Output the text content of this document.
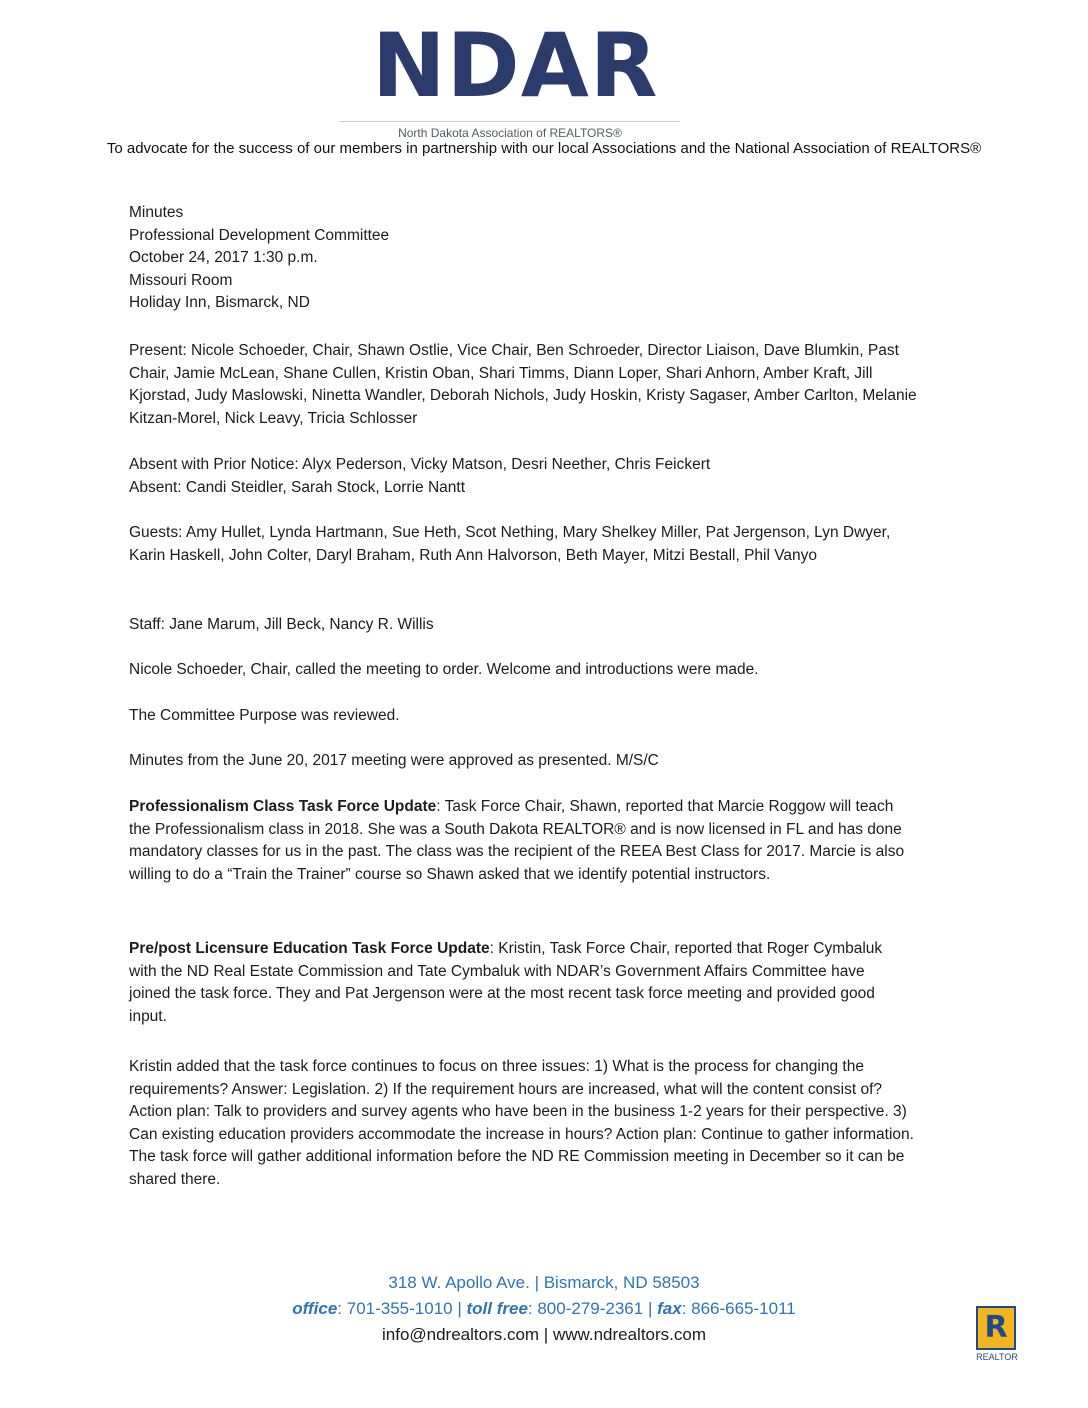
NDAR
North Dakota Association of REALTORS®
To advocate for the success of our members in partnership with our local Associations and the National Association of REALTORS®
Minutes
Professional Development Committee
October 24, 2017 1:30 p.m.
Missouri Room
Holiday Inn, Bismarck, ND

Present: Nicole Schoeder, Chair, Shawn Ostlie, Vice Chair, Ben Schroeder, Director Liaison, Dave Blumkin, Past Chair, Jamie McLean, Shane Cullen, Kristin Oban, Shari Timms, Diann Loper, Shari Anhorn, Amber Kraft, Jill Kjorstad, Judy Maslowski, Ninetta Wandler, Deborah Nichols, Judy Hoskin, Kristy Sagaser, Amber Carlton, Melanie Kitzan-Morel, Nick Leavy, Tricia Schlosser

Absent with Prior Notice: Alyx Pederson, Vicky Matson, Desri Neether, Chris Feickert
Absent: Candi Steidler, Sarah Stock, Lorrie Nantt

Guests: Amy Hullet, Lynda Hartmann, Sue Heth, Scot Nething, Mary Shelkey Miller, Pat Jergenson, Lyn Dwyer, Karin Haskell, John Colter, Daryl Braham, Ruth Ann Halvorson, Beth Mayer, Mitzi Bestall, Phil Vanyo

Staff: Jane Marum, Jill Beck, Nancy R. Willis

Nicole Schoeder, Chair, called the meeting to order. Welcome and introductions were made.

The Committee Purpose was reviewed.

Minutes from the June 20, 2017 meeting were approved as presented. M/S/C

Professionalism Class Task Force Update: Task Force Chair, Shawn, reported that Marcie Roggow will teach the Professionalism class in 2018. She was a South Dakota REALTOR® and is now licensed in FL and has done mandatory classes for us in the past. The class was the recipient of the REEA Best Class for 2017. Marcie is also willing to do a “Train the Trainer” course so Shawn asked that we identify potential instructors.

Pre/post Licensure Education Task Force Update: Kristin, Task Force Chair, reported that Roger Cymbaluk with the ND Real Estate Commission and Tate Cymbaluk with NDAR’s Government Affairs Committee have joined the task force. They and Pat Jergenson were at the most recent task force meeting and provided good input.

Kristin added that the task force continues to focus on three issues: 1) What is the process for changing the requirements? Answer: Legislation. 2) If the requirement hours are increased, what will the content consist of? Action plan: Talk to providers and survey agents who have been in the business 1-2 years for their perspective. 3) Can existing education providers accommodate the increase in hours? Action plan: Continue to gather information. The task force will gather additional information before the ND RE Commission meeting in December so it can be shared there.

318 W. Apollo Ave. | Bismarck, ND 58503
office: 701-355-1010 | toll free: 800-279-2361 | fax: 866-665-1011
info@ndrealtors.com | www.ndrealtors.com	R
REALTOR
